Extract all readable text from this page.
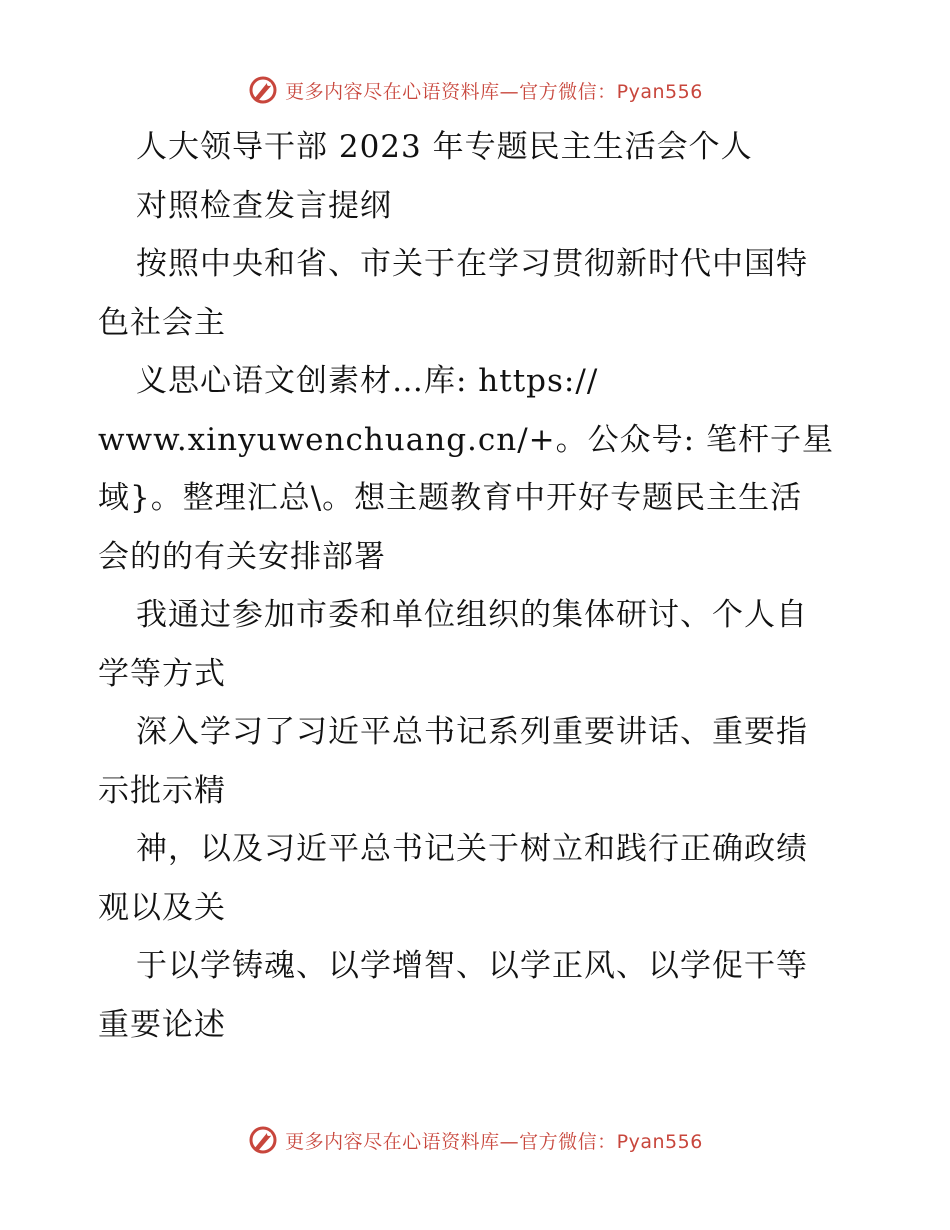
更多内容尽在心语资料库—官方微信：Pyan556
人大领导干部 2023 年专题民主生活会个人
对照检查发言提纲
按照中央和省、市关于在学习贯彻新时代中国特
色社会主
义思心语文创素材…库: https://
www.xinyuwenchuang.cn/+。公众号: 笔杆子星
域}。整理汇总\。想主题教育中开好专题民主生活
会的的有关安排部署
我通过参加市委和单位组织的集体研讨、个人自
学等方式
深入学习了习近平总书记系列重要讲话、重要指
示批示精
神，以及习近平总书记关于树立和践行正确政绩
观以及关
于以学铸魂、以学增智、以学正风、以学促干等
重要论述
更多内容尽在心语资料库—官方微信：Pyan556
